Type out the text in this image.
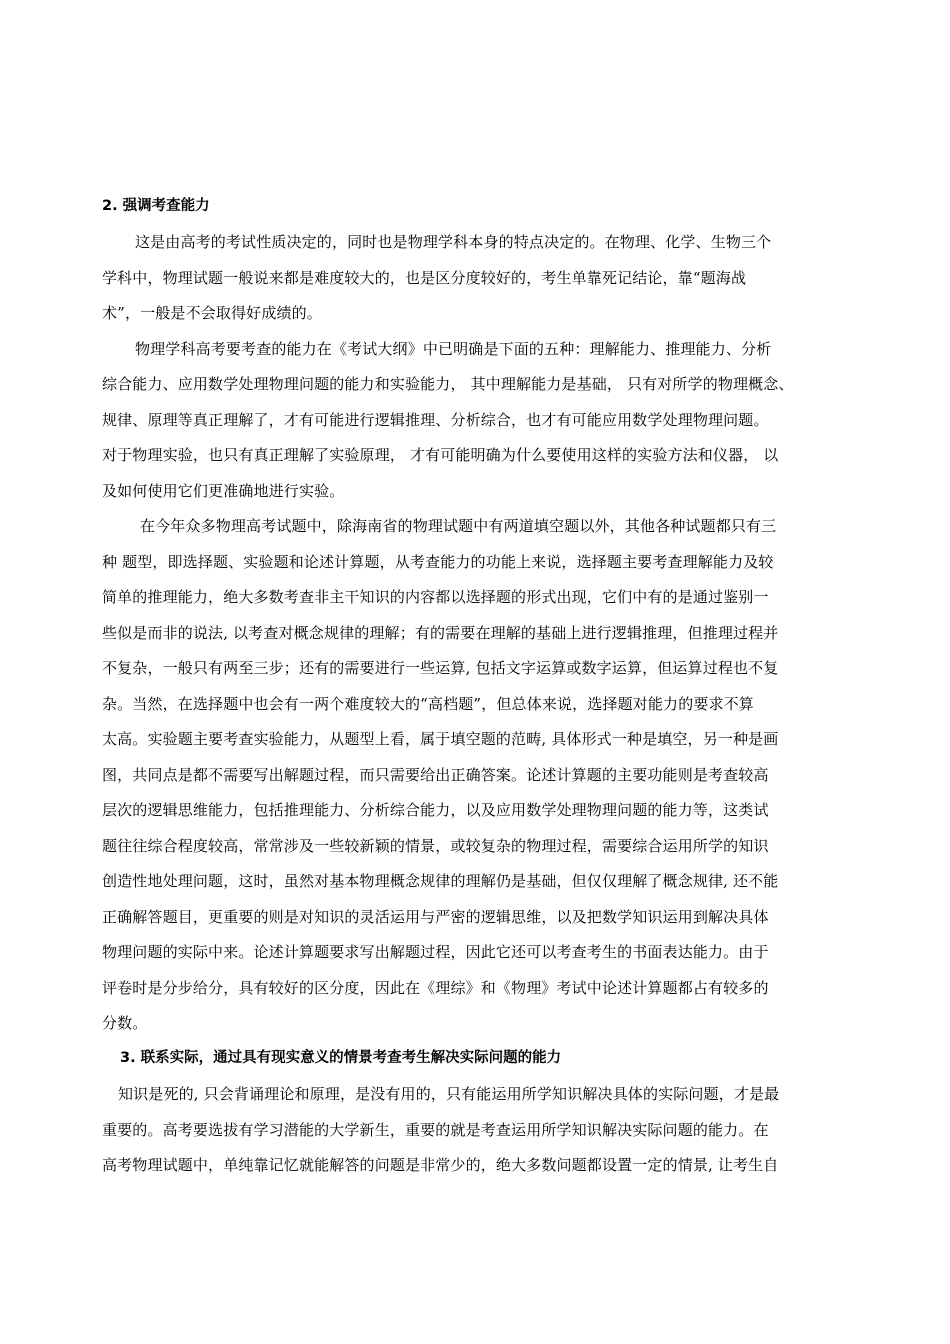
2. 强调考查能力
这是由高考的考试性质决定的，同时也是物理学科本身的特点决定的。在物理、化学、生物三个
学科中，物理试题一般说来都是难度较大的，也是区分度较好的，考生单靠死记结论，靠“题海战
术”，一般是不会取得好成绩的。
物理学科高考要考查的能力在《考试大纲》中已明确是下面的五种：理解能力、推理能力、分析
综合能力、应用数学处理物理问题的能力和实验能力， 其中理解能力是基础， 只有对所学的物理概念、
规律、原理等真正理解了，才有可能进行逻辑推理、分析综合，也才有可能应用数学处理物理问题。
对于物理实验，也只有真正理解了实验原理， 才有可能明确为什么要使用这样的实验方法和仪器， 以
及如何使用它们更准确地进行实验。
在今年众多物理高考试题中，除海南省的物理试题中有两道填空题以外，其他各种试题都只有三
种 题型，即选择题、实验题和论述计算题，从考查能力的功能上来说，选择题主要考查理解能力及较
简单的推理能力，绝大多数考查非主干知识的内容都以选择题的形式出现，它们中有的是通过鉴别一
些似是而非的说法, 以考查对概念规律的理解；有的需要在理解的基础上进行逻辑推理，但推理过程并
不复杂，一般只有两至三步；还有的需要进行一些运算, 包括文字运算或数字运算，但运算过程也不复
杂。当然，在选择题中也会有一两个难度较大的“高档题”，但总体来说，选择题对能力的要求不算
太高。实验题主要考查实验能力，从题型上看，属于填空题的范畴, 具体形式一种是填空，另一种是画
图，共同点是都不需要写出解题过程，而只需要给出正确答案。论述计算题的主要功能则是考查较高
层次的逻辑思维能力，包括推理能力、分析综合能力，以及应用数学处理物理问题的能力等，这类试
题往往综合程度较高，常常涉及一些较新颖的情景，或较复杂的物理过程，需要综合运用所学的知识
创造性地处理问题，这时，虽然对基本物理概念规律的理解仍是基础，但仅仅理解了概念规律, 还不能
正确解答题目，更重要的则是对知识的灵活运用与严密的逻辑思维，以及把数学知识运用到解决具体
物理问题的实际中来。论述计算题要求写出解题过程，因此它还可以考查考生的书面表达能力。由于
评卷时是分步给分，具有较好的区分度，因此在《理综》和《物理》考试中论述计算题都占有较多的
分数。
3. 联系实际，通过具有现实意义的情景考查考生解决实际问题的能力
知识是死的, 只会背诵理论和原理，是没有用的，只有能运用所学知识解决具体的实际问题，才是最
重要的。高考要选拔有学习潜能的大学新生，重要的就是考查运用所学知识解决实际问题的能力。在
高考物理试题中，单纯靠记忆就能解答的问题是非常少的，绝大多数问题都设置一定的情景, 让考生自
